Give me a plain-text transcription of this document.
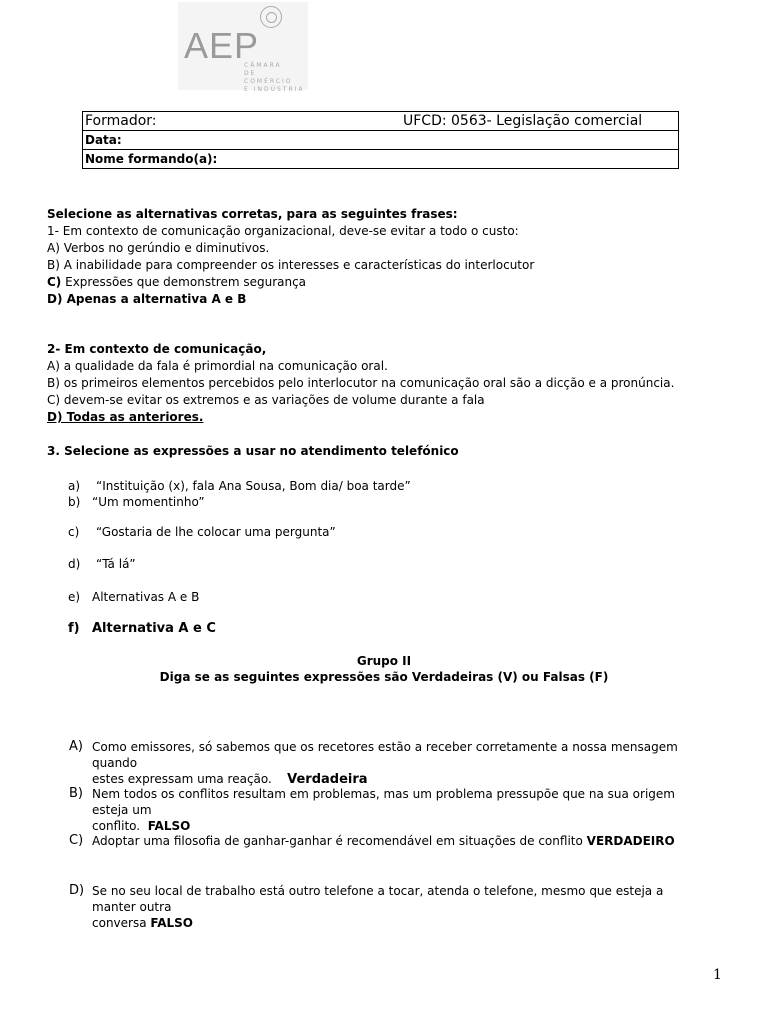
AEP
CÂMARA
DE COMÉRCIO
E INDÚSTRIA
Formador:	UFCD: 0563- Legislação comercial
Data:
Nome formando(a):
Selecione as alternativas corretas, para as seguintes frases:
1- Em contexto de comunicação organizacional, deve-se evitar a todo o custo:
A) Verbos no gerúndio e diminutivos.
B) A inabilidade para compreender os interesses e características do interlocutor
C) Expressões que demonstrem segurança
D) Apenas a alternativa A e B
2- Em contexto de comunicação,
A) a qualidade da fala é primordial na comunicação oral.
B) os primeiros elementos percebidos pelo interlocutor na comunicação oral são a dicção e a pronúncia.
C) devem-se evitar os extremos e as variações de volume durante a fala
D) Todas as anteriores.
3. Selecione as expressões a usar no atendimento telefónico
a) “Instituição (x), fala Ana Sousa, Bom dia/ boa tarde”
b) “Um momentinho”
c) “Gostaria de lhe colocar uma pergunta”
d) “Tá lá”
e) Alternativas A e B
f) Alternativa A e C
Grupo II
Diga se as seguintes expressões são Verdadeiras (V) ou Falsas (F)
A) Como emissores, só sabemos que os recetores estão a receber corretamente a nossa mensagem quando
estes expressam uma reação. Verdadeira
B) Nem todos os conflitos resultam em problemas, mas um problema pressupõe que na sua origem esteja um
conflito. FALSO
C) Adoptar uma filosofia de ganhar-ganhar é recomendável em situações de conflito VERDADEIRO
D) Se no seu local de trabalho está outro telefone a tocar, atenda o telefone, mesmo que esteja a manter outra
conversa FALSO
1
